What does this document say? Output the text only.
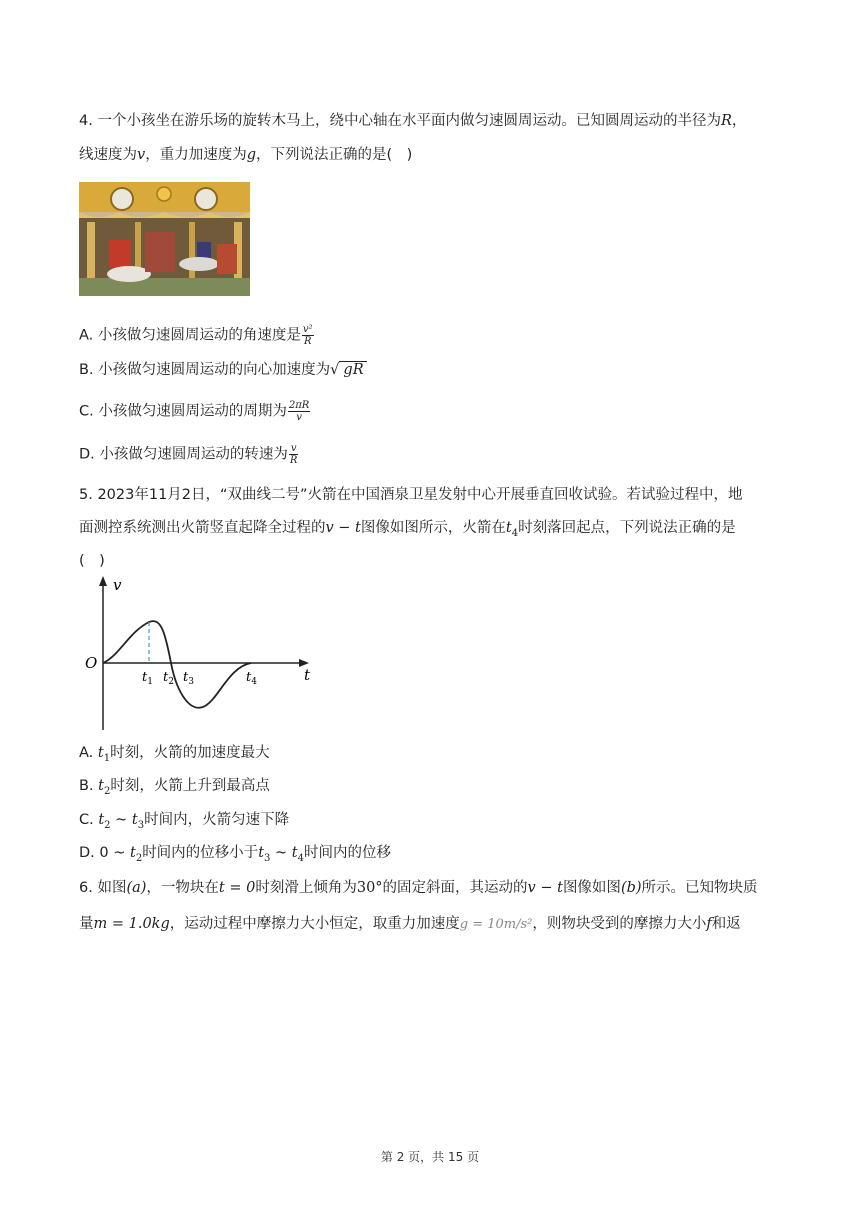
4. 一个小孩坐在游乐场的旋转木马上，绕中心轴在水平面内做匀速圆周运动。已知圆周运动的半径为R，
线速度为v，重力加速度为g，下列说法正确的是(　)
A. 小孩做匀速圆周运动的角速度是 $\frac{\text{v²}}{R}$
B. 小孩做匀速圆周运动的向心加速度为√ gR
C. 小孩做匀速圆周运动的周期为 $\frac{2\pi R}{v}$
D. 小孩做匀速圆周运动的转速为 $\frac{v}{R}$
5. 2023年11月2日，“双曲线二号”火箭在中国酒泉卫星发射中心开展垂直回收试验。若试验过程中，地
面测控系统测出火箭竖直起降全过程的v − t图像如图所示，火箭在$t_4$时刻落回起点，下列说法正确的是
(　)
v
t
O
$t_1$ $t_2$ $t_3$	$t_4$
A. $t_1$时刻，火箭的加速度最大
B. $t_2$时刻，火箭上升到最高点
C. $t_2$ ~ $t_3$时间内，火箭匀速下降
D. 0 ~ $t_2$时间内的位移小于$t_3$ ~ $t_4$时间内的位移
6. 如图(a)，一物块在t = 0时刻滑上倾角为30°的固定斜面，其运动的v − t图像如图(b)所示。已知物块质
量m = 1.0kg，运动过程中摩擦力大小恒定，取重力加速度g = 10m/s²，则物块受到的摩擦力大小f和返
第 2 页，共 15 页
